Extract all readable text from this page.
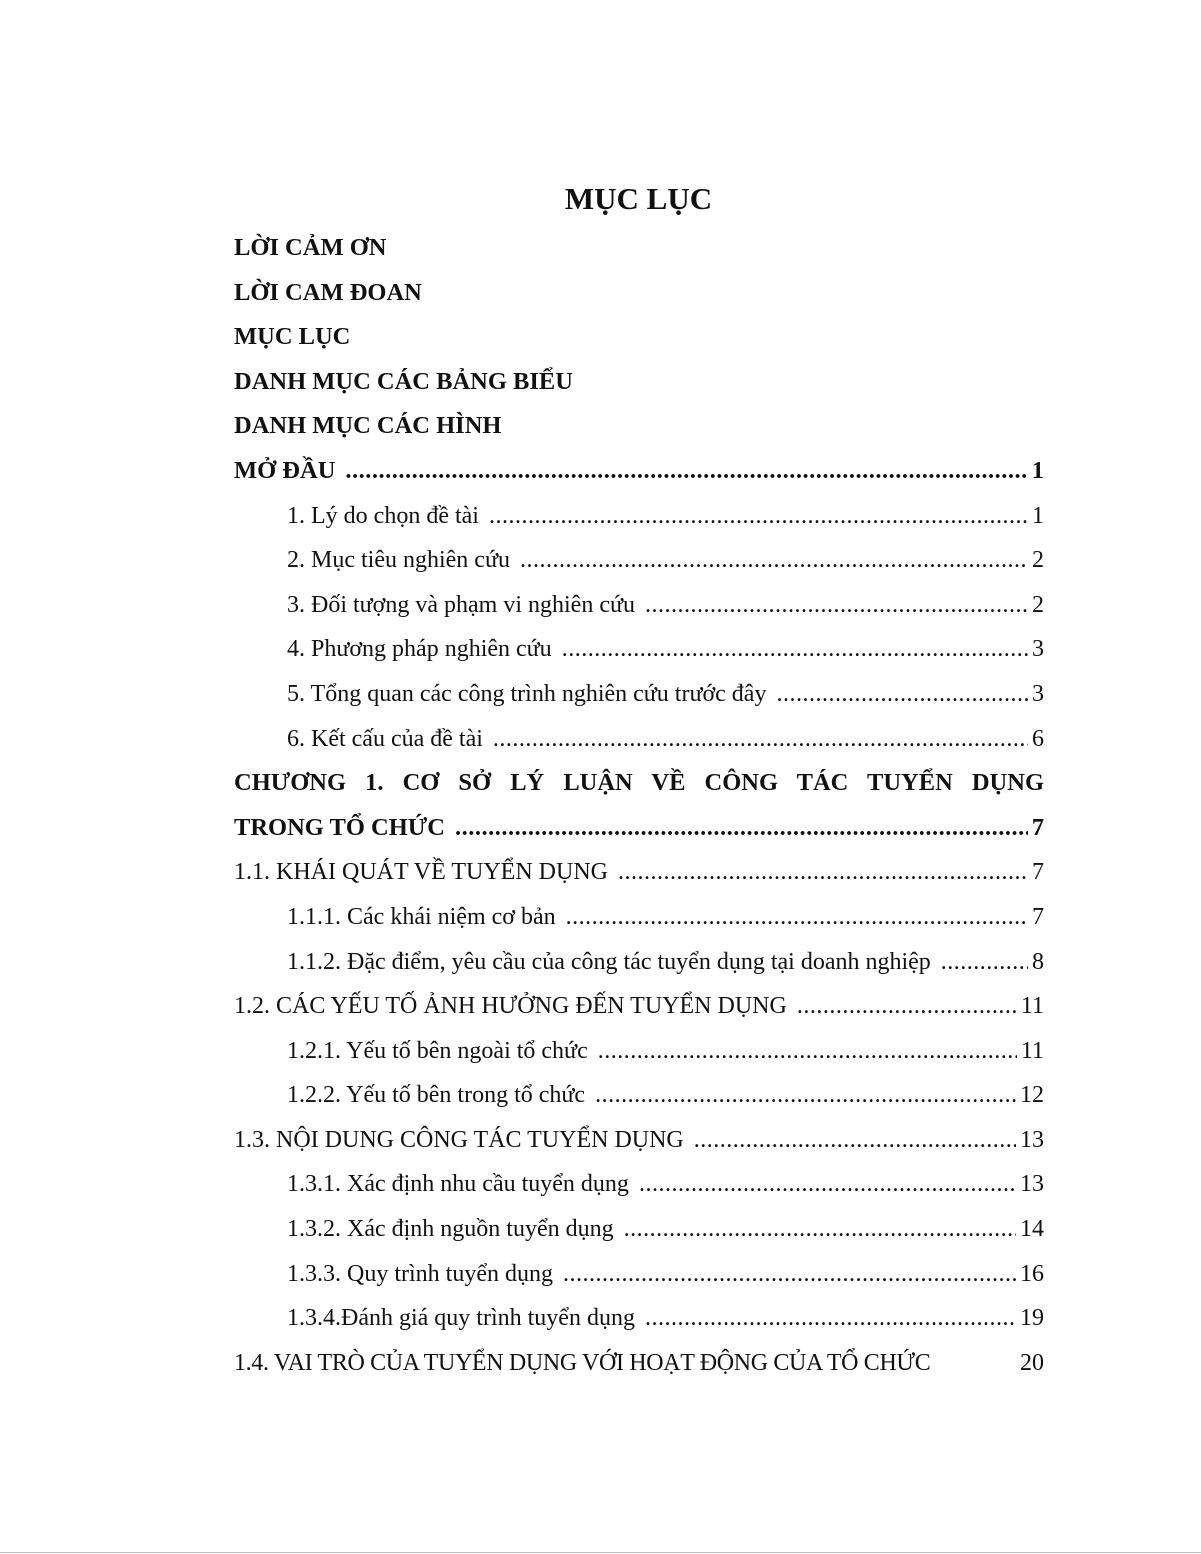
MỤC LỤC
LỜI CẢM ƠN
LỜI CAM ĐOAN
MỤC LỤC
DANH MỤC CÁC BẢNG BIỂU
DANH MỤC CÁC HÌNH
MỞ ĐẦU .....	1
1. Lý do chọn đề tài .....	1
2. Mục tiêu nghiên cứu .....	2
3. Đối tượng và phạm vi nghiên cứu .....	2
4. Phương pháp nghiên cứu .....	3
5. Tổng quan các công trình nghiên cứu trước đây .....	3
6. Kết cấu của đề tài .....	6
CHƯƠNG 1. CƠ SỞ LÝ LUẬN VỀ CÔNG TÁC TUYỂN DỤNG
TRONG TỔ CHỨC .....	7
1.1. KHÁI QUÁT VỀ TUYỂN DỤNG .....	7
1.1.1. Các khái niệm cơ bản .....	7
1.1.2. Đặc điểm, yêu cầu của công tác tuyển dụng tại doanh nghiệp .....	8
1.2. CÁC YẾU TỐ ẢNH HƯỞNG ĐẾN TUYỂN DỤNG .....	11
1.2.1. Yếu tố bên ngoài tổ chức .....	11
1.2.2. Yếu tố bên trong tổ chức .....	12
1.3. NỘI DUNG CÔNG TÁC TUYỂN DỤNG .....	13
1.3.1. Xác định nhu cầu tuyển dụng .....	13
1.3.2. Xác định nguồn tuyển dụng .....	14
1.3.3. Quy trình tuyển dụng .....	16
1.3.4.Đánh giá quy trình tuyển dụng .....	19
1.4. VAI TRÒ CỦA TUYỂN DỤNG VỚI HOẠT ĐỘNG CỦA TỔ CHỨC	20
